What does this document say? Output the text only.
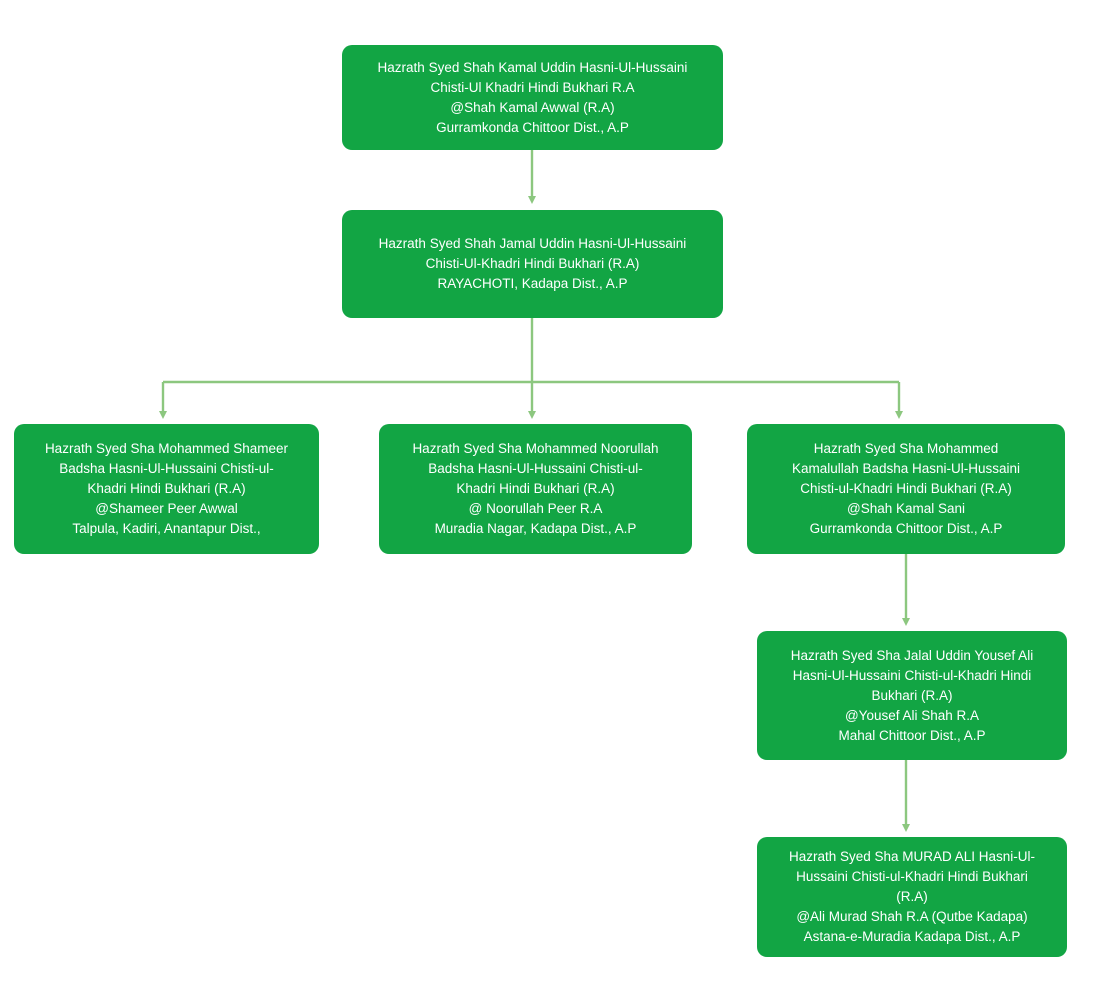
Hazrath Syed Shah Kamal Uddin Hasni-Ul-Hussaini
Chisti-Ul Khadri Hindi Bukhari R.A
@Shah Kamal Awwal (R.A)
Gurramkonda Chittoor Dist., A.P
Hazrath Syed Shah Jamal Uddin Hasni-Ul-Hussaini
Chisti-Ul-Khadri Hindi Bukhari (R.A)
RAYACHOTI, Kadapa Dist., A.P
Hazrath Syed Sha Mohammed Shameer
Badsha Hasni-Ul-Hussaini Chisti-ul-
Khadri Hindi Bukhari (R.A)
@Shameer Peer Awwal
Talpula, Kadiri, Anantapur Dist.,
Hazrath Syed Sha Mohammed Noorullah
Badsha Hasni-Ul-Hussaini Chisti-ul-
Khadri Hindi Bukhari (R.A)
@ Noorullah Peer R.A
Muradia Nagar, Kadapa Dist., A.P
Hazrath Syed Sha Mohammed
Kamalullah Badsha Hasni-Ul-Hussaini
Chisti-ul-Khadri Hindi Bukhari (R.A)
@Shah Kamal Sani
Gurramkonda Chittoor Dist., A.P
Hazrath Syed Sha Jalal Uddin Yousef Ali
Hasni-Ul-Hussaini Chisti-ul-Khadri Hindi
Bukhari (R.A)
@Yousef Ali Shah R.A
Mahal Chittoor Dist., A.P
Hazrath Syed Sha MURAD ALI Hasni-Ul-
Hussaini Chisti-ul-Khadri Hindi Bukhari
(R.A)
@Ali Murad Shah R.A (Qutbe Kadapa)
Astana-e-Muradia Kadapa Dist., A.P
